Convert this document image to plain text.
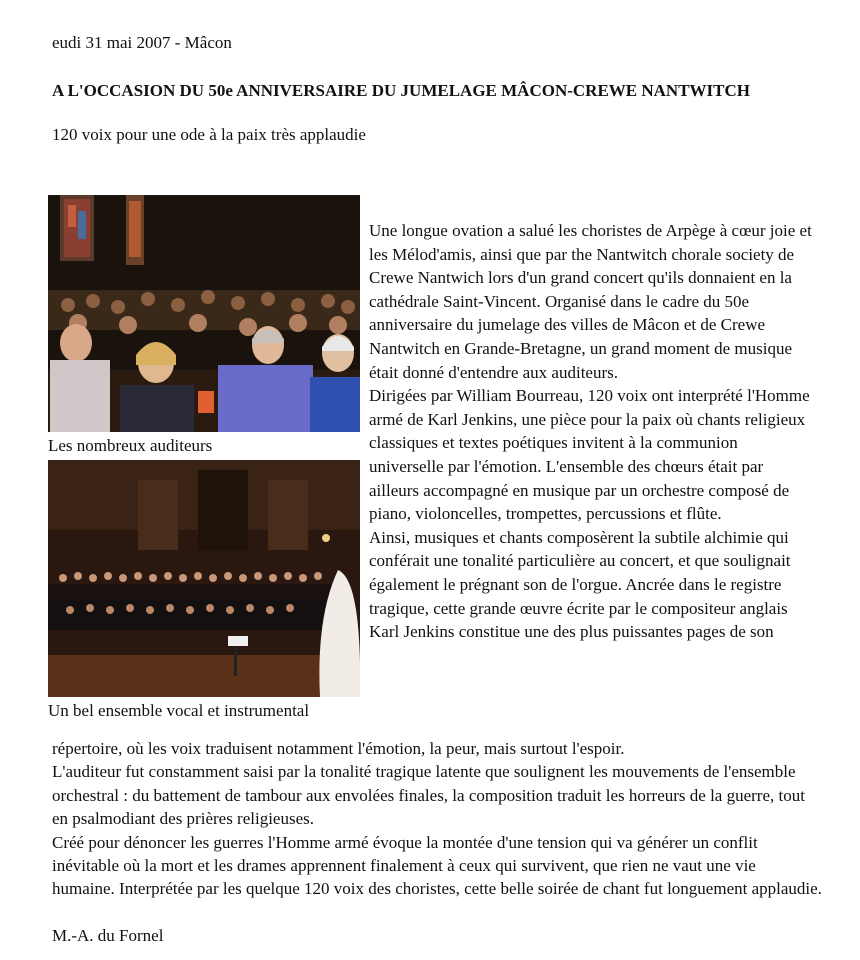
eudi 31 mai 2007 - Mâcon
A L'OCCASION DU 50e ANNIVERSAIRE DU JUMELAGE MÂCON-CREWE NANTWITCH
120 voix pour une ode à la paix très applaudie
Les nombreux auditeurs
Un bel ensemble vocal et instrumental

Une longue ovation a salué les choristes de Arpège à cœur joie et les Mélod'amis, ainsi que par the Nantwitch chorale society de Crewe Nantwich lors d'un grand concert qu'ils donnaient en la cathédrale Saint-Vincent. Organisé dans le cadre du 50e anniversaire du jumelage des villes de Mâcon et de Crewe Nantwitch en Grande-Bretagne, un grand moment de musique était donné d'entendre aux auditeurs.

Dirigées par William Bourreau, 120 voix ont interprété l'Homme armé de Karl Jenkins, une pièce pour la paix où chants religieux classiques et textes poétiques invitent à la communion universelle par l'émotion. L'ensemble des chœurs était par ailleurs accompagné en musique par un orchestre composé de piano, violoncelles, trompettes, percussions et flûte.

Ainsi, musiques et chants composèrent la subtile alchimie qui conférait une tonalité particulière au concert, et que soulignait également le prégnant son de l'orgue. Ancrée dans le registre tragique, cette grande œuvre écrite par le compositeur anglais Karl Jenkins constitue une des plus puissantes pages de son

répertoire, où les voix traduisent notamment l'émotion, la peur, mais surtout l'espoir.

L'auditeur fut constamment saisi par la tonalité tragique latente que soulignent les mouvements de l'ensemble orchestral : du battement de tambour aux envolées finales, la composition traduit les horreurs de la guerre, tout en psalmodiant des prières religieuses.

Créé pour dénoncer les guerres l'Homme armé évoque la montée d'une tension qui va générer un conflit inévitable où la mort et les drames apprennent finalement à ceux qui survivent, que rien ne vaut une vie humaine. Interprétée par les quelque 120 voix des choristes, cette belle soirée de chant fut longuement applaudie.

M.-A. du Fornel
